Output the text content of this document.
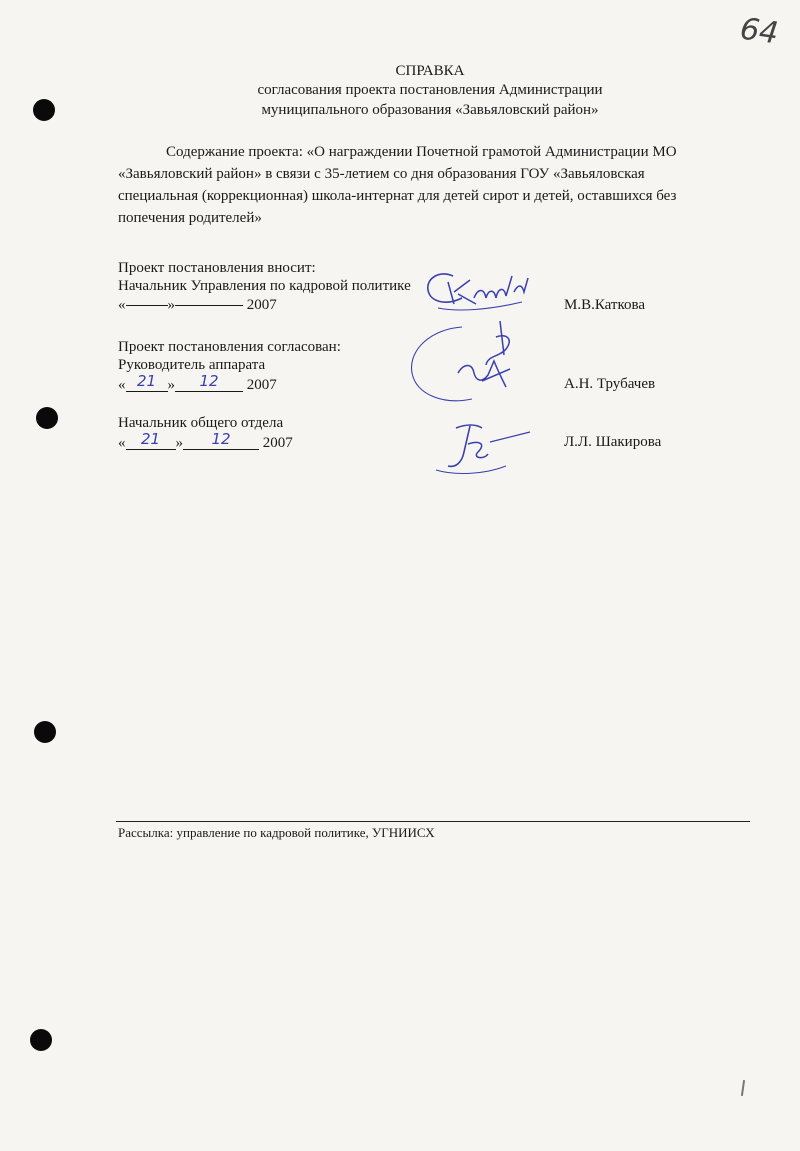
64
СПРАВКА
согласования проекта постановления Администрации
муниципального образования «Завьяловский район»
Содержание проекта: «О награждении Почетной грамотой Администрации МО
«Завьяловский район» в связи с 35-летием со дня образования ГОУ «Завьяловская
специальная (коррекционная) школа-интернат для детей сирот и детей, оставшихся без
попечения родителей»
Проект постановления вносит:
Начальник Управления по кадровой политике
«	»	2007	М.В.Каткова
Проект постановления согласован:
Руководитель аппарата
« 21 » 12 2007	А.Н. Трубачев
Начальник общего отдела
« 21 » 12 2007	Л.Л. Шакирова
Рассылка: управление по кадровой политике, УГНИИСХ
